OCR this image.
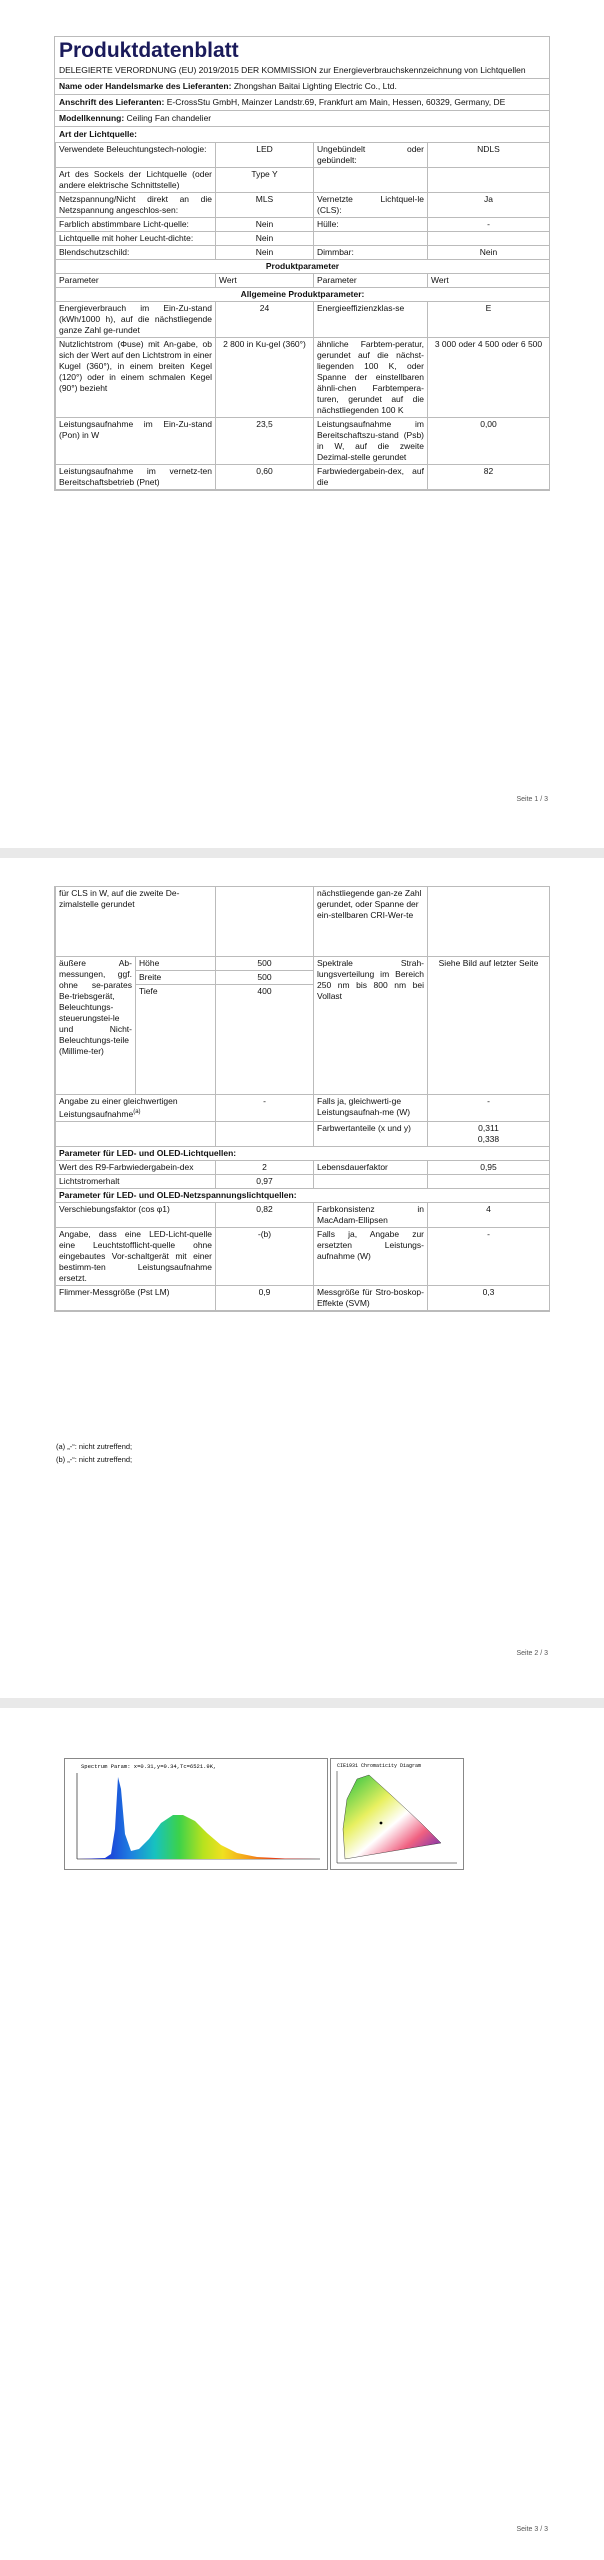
Produktdatenblatt
DELEGIERTE VERORDNUNG (EU) 2019/2015 DER KOMMISSION zur Energieverbrauchskennzeichnung von Lichtquellen
Name oder Handelsmarke des Lieferanten: Zhongshan Baitai Lighting Electric Co., Ltd.
Anschrift des Lieferanten: E-CrossStu GmbH, Mainzer Landstr.69, Frankfurt am Main, Hessen, 60329, Germany, DE
Modellkennung: Ceiling Fan chandelier
Art der Lichtquelle:
Verwendete Beleuchtungstech-nologie:	LED	Ungebündelt oder gebündelt:	NDLS
Art des Sockels der Lichtquelle (oder andere elektrische Schnittstelle)	Type Y		
Netzspannung/Nicht direkt an die Netzspannung angeschlos-sen:	MLS	Vernetzte Lichtquel-le (CLS):	Ja
Farblich abstimmbare Licht-quelle:	Nein	Hülle:	-
Lichtquelle mit hoher Leucht-dichte:	Nein		
Blendschutzschild:	Nein	Dimmbar:	Nein
Produktparameter			
Parameter	Wert	Parameter	Wert
Allgemeine Produktparameter:			
Energieverbrauch im Ein-Zu-stand (kWh/1000 h), auf die nächstliegende ganze Zahl ge-rundet	24	Energieeffizienzklas-se	E
Nutzlichtstrom (Φuse) mit An-gabe, ob sich der Wert auf den Lichtstrom in einer Kugel (360°), in einem breiten Kegel (120°) oder in einem schmalen Kegel (90°) bezieht	2 800 in Ku-gel (360°)	ähnliche Farbtem-peratur, gerundet auf die nächst-liegenden 100 K, oder Spanne der einstellbaren ähnli-chen Farbtempera-turen, gerundet auf die nächstliegenden 100 K	3 000 oder 4 500 oder 6 500
Leistungsaufnahme im Ein-Zu-stand (Pon) in W	23,5	Leistungsaufnahme im Bereitschaftszu-stand (Psb) in W, auf die zweite Dezimal-stelle gerundet	0,00
Leistungsaufnahme im vernetz-ten Bereitschaftsbetrieb (Pnet)	0,60	Farbwiedergabein-dex, auf die	82
Seite 1 / 3
für CLS in W, auf die zweite De-zimalstelle gerundet			nächstliegende gan-ze Zahl gerundet, oder Spanne der ein-stellbaren CRI-Wer-te	
äußere Ab-messungen, ggf. ohne se-parates Be-triebsgerät, Beleuchtungs-steuerungstei-le und Nicht-Beleuchtungs-teile (Millime-ter)	Höhe	500	Spektrale Strah-lungsverteilung im Bereich 250 nm bis 800 nm bei Vollast	Siehe Bild auf letzter Seite
	Breite	500		
	Tiefe	400		
Angabe zu einer gleichwertigen Leistungsaufnahme$^{(a)}$		-	Falls ja, gleichwerti-ge Leistungsaufnah-me (W)	-
			Farbwertanteile (x und y)	0,311
0,338

Parameter für LED- und OLED-Lichtquellen:				
Wert des R9-Farbwiedergabein-dex		2	Lebensdauerfaktor	0,95
Lichtstromerhalt		0,97		
Parameter für LED- und OLED-Netzspannungslichtquellen:				
Verschiebungsfaktor (cos φ1)		0,82	Farbkonsistenz in MacAdam-Ellipsen	4
Angabe, dass eine LED-Licht-quelle eine Leuchtstofflicht-quelle ohne eingebautes Vor-schaltgerät mit einer bestimm-ten Leistungsaufnahme ersetzt.		-(b)	Falls ja, Angabe zur ersetzten Leistungs-aufnahme (W)	-
Flimmer-Messgröße (Pst LM)		0,9	Messgröße für Stro-boskop-Effekte (SVM)	0,3
(a) „-“: nicht zutreffend;
(b) „-“: nicht zutreffend;
Seite 2 / 3
Spectrum Param: x=0.31,y=0.34,Tc=6521.9K,	CIE1931 Chromaticity Diagram
Seite 3 / 3
